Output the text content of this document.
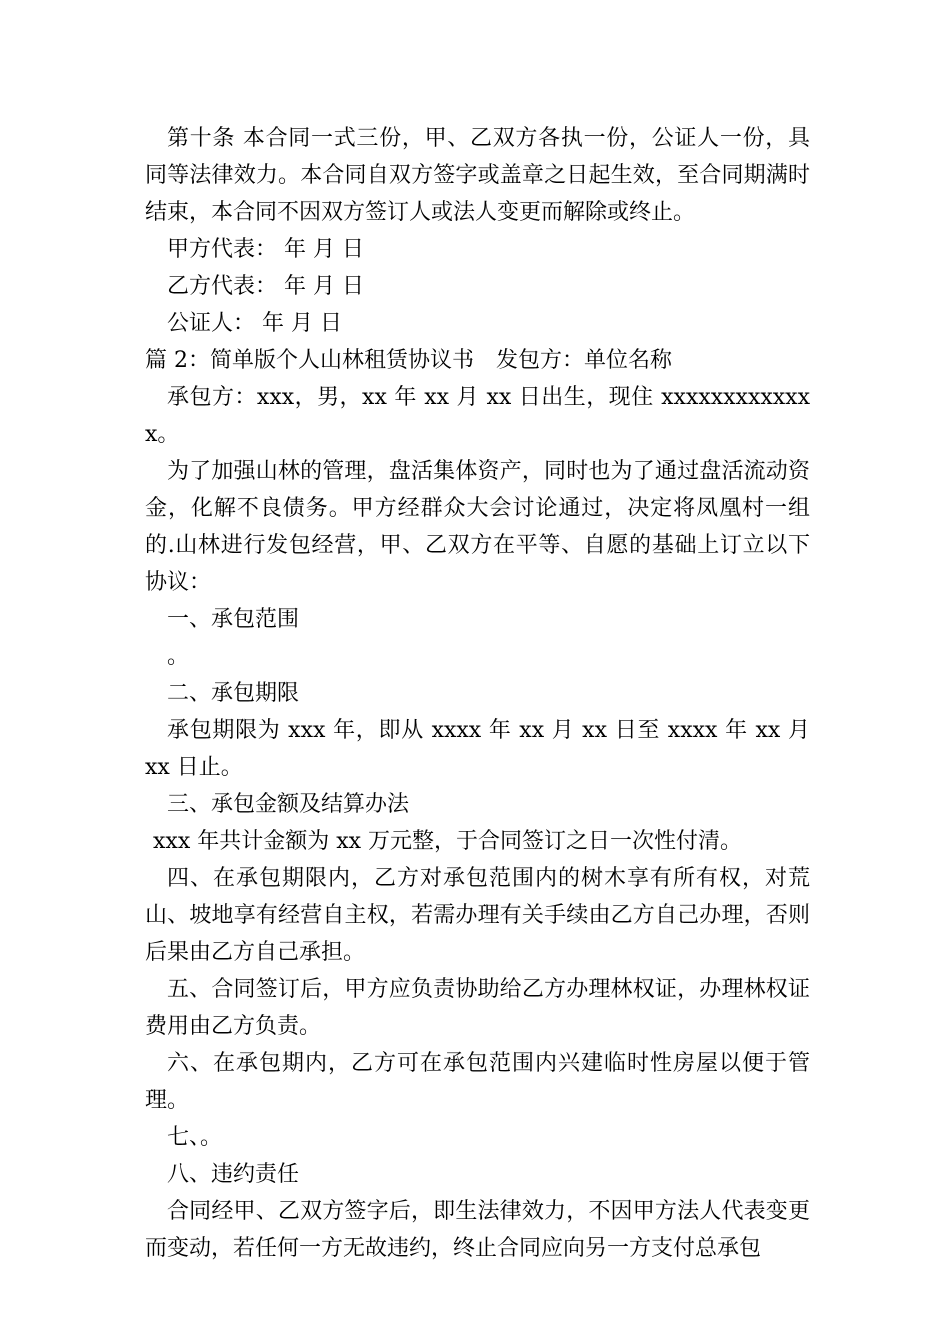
第十条 本合同一式三份，甲、乙双方各执一份，公证人一份，具同等法律效力。本合同自双方签字或盖章之日起生效，至合同期满时结束，本合同不因双方签订人或法人变更而解除或终止。

甲方代表： 年 月 日

乙方代表： 年 月 日

公证人： 年 月 日

篇 2：简单版个人山林租赁协议书　发包方：单位名称

承包方：xxx，男，xx 年 xx 月 xx 日出生，现住 xxxxxxxxxxxxx。

为了加强山林的管理，盘活集体资产，同时也为了通过盘活流动资金，化解不良债务。甲方经群众大会讨论通过，决定将凤凰村一组的.山林进行发包经营，甲、乙双方在平等、自愿的基础上订立以下协议：

一、承包范围

。

二、承包期限

承包期限为 xxx 年，即从 xxxx 年 xx 月 xx 日至 xxxx 年 xx 月 xx 日止。

三、承包金额及结算办法

xxx 年共计金额为 xx 万元整，于合同签订之日一次性付清。

四、在承包期限内，乙方对承包范围内的树木享有所有权，对荒山、坡地享有经营自主权，若需办理有关手续由乙方自己办理，否则后果由乙方自己承担。

五、合同签订后，甲方应负责协助给乙方办理林权证，办理林权证费用由乙方负责。

六、在承包期内，乙方可在承包范围内兴建临时性房屋以便于管理。

七、。

八、违约责任

合同经甲、乙双方签字后，即生法律效力，不因甲方法人代表变更而变动，若任何一方无故违约，终止合同应向另一方支付总承包
